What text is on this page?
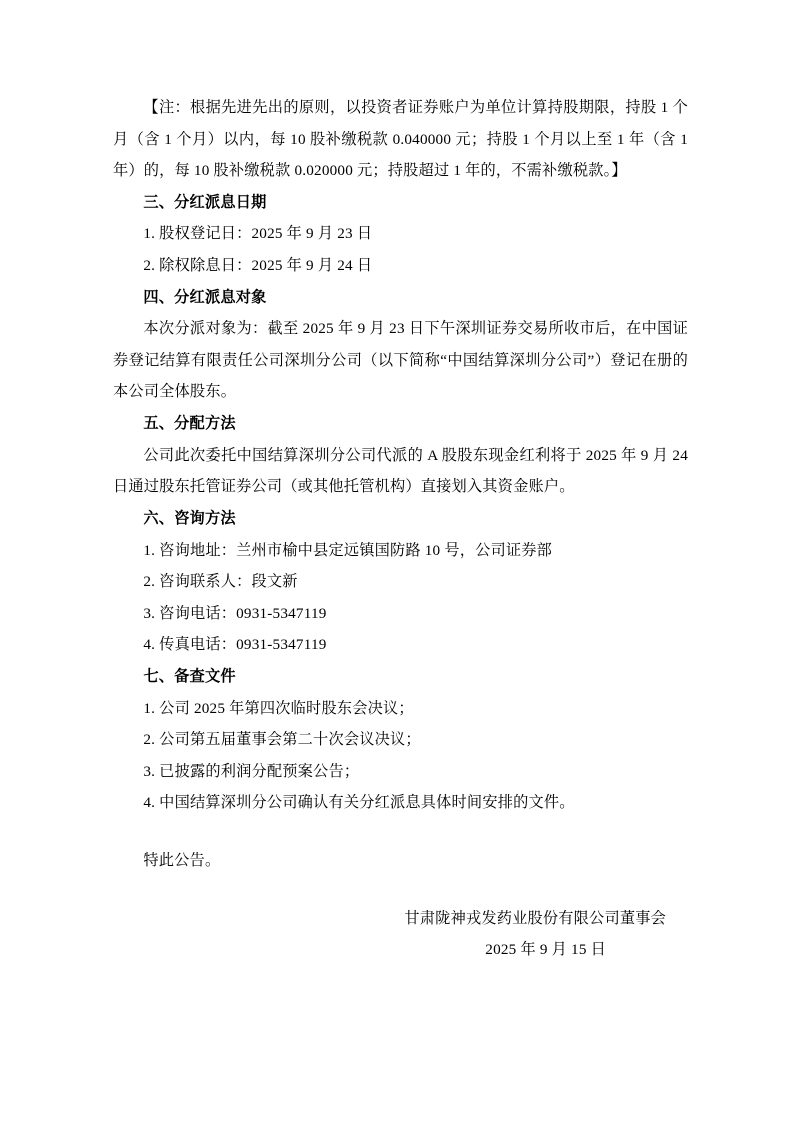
【注：根据先进先出的原则，以投资者证券账户为单位计算持股期限，持股 1 个月（含 1 个月）以内，每 10 股补缴税款 0.040000 元；持股 1 个月以上至 1 年（含 1 年）的，每 10 股补缴税款 0.020000 元；持股超过 1 年的，不需补缴税款。】

三、分红派息日期

1. 股权登记日：2025 年 9 月 23 日

2. 除权除息日：2025 年 9 月 24 日

四、分红派息对象

本次分派对象为：截至 2025 年 9 月 23 日下午深圳证券交易所收市后，在中国证券登记结算有限责任公司深圳分公司（以下简称“中国结算深圳分公司”）登记在册的本公司全体股东。

五、分配方法

公司此次委托中国结算深圳分公司代派的 A 股股东现金红利将于 2025 年 9 月 24 日通过股东托管证券公司（或其他托管机构）直接划入其资金账户。

六、咨询方法

1. 咨询地址：兰州市榆中县定远镇国防路 10 号，公司证券部

2. 咨询联系人：段文新

3. 咨询电话：0931-5347119

4. 传真电话：0931-5347119

七、备查文件

1. 公司 2025 年第四次临时股东会决议；

2. 公司第五届董事会第二十次会议决议；

3. 已披露的利润分配预案公告；

4. 中国结算深圳分公司确认有关分红派息具体时间安排的文件。

特此公告。

甘肃陇神戎发药业股份有限公司董事会

2025 年 9 月 15 日
